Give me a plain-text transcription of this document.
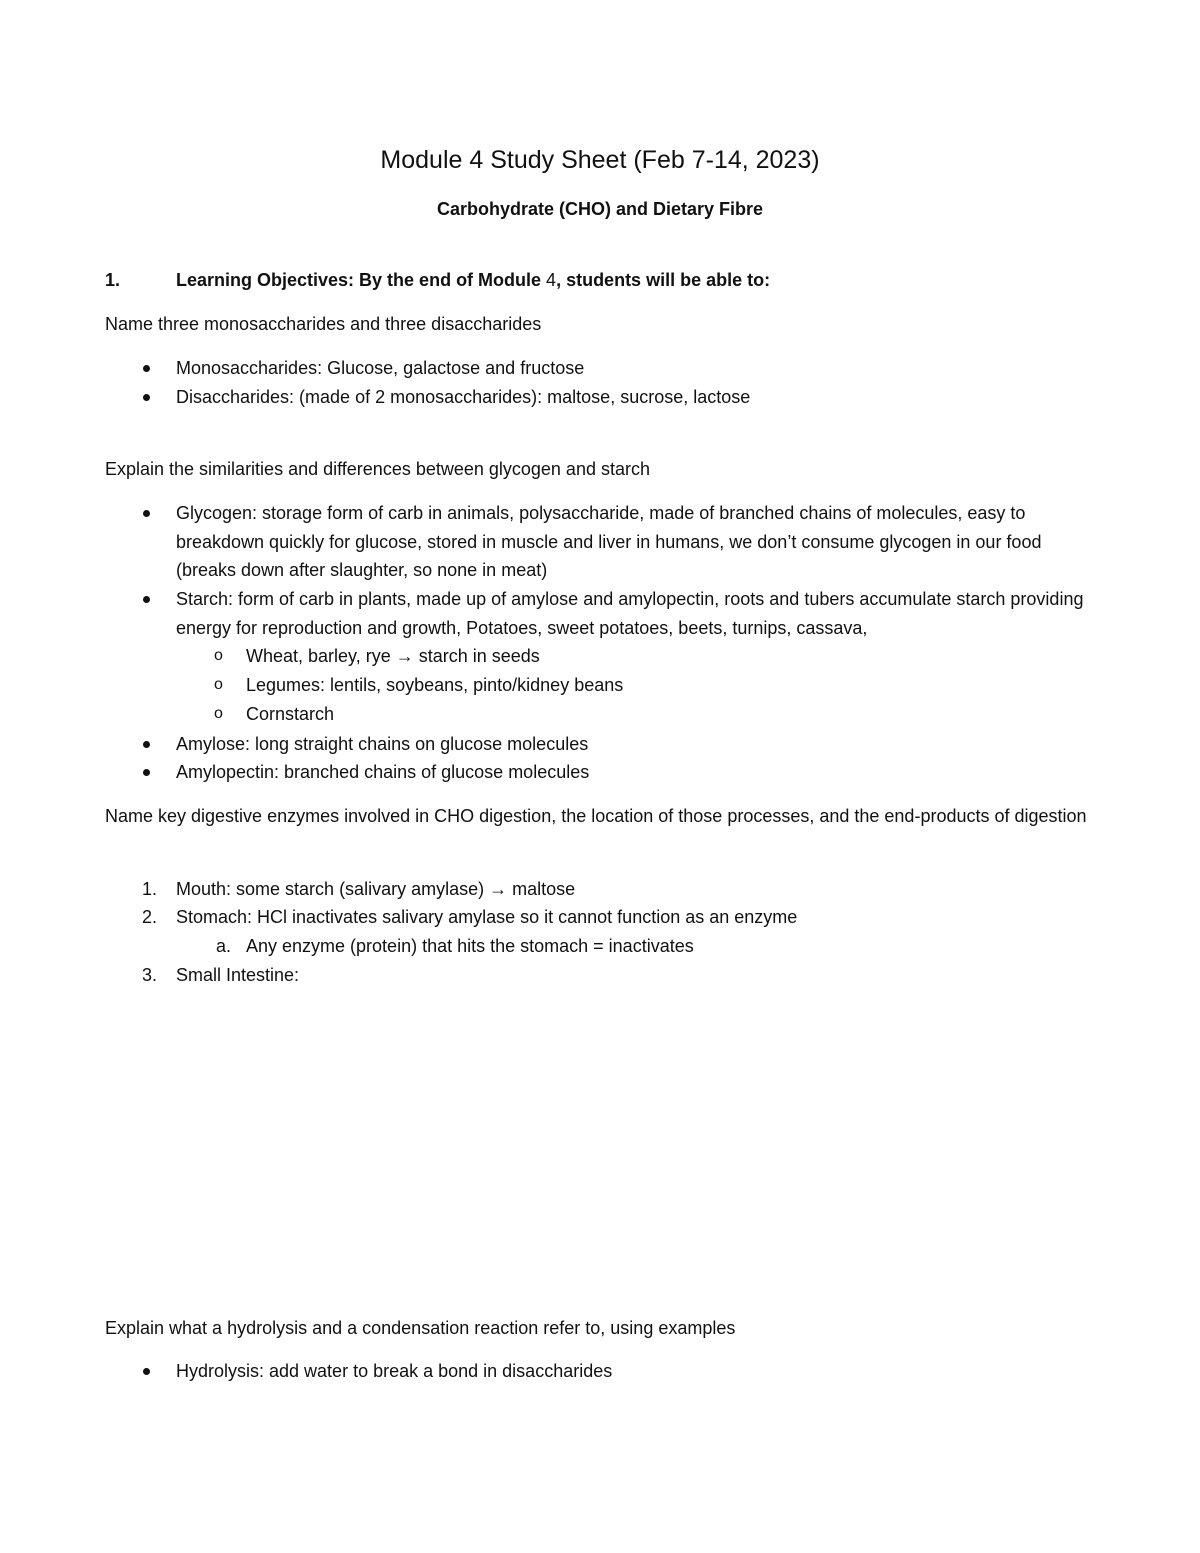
Module 4 Study Sheet (Feb 7-14, 2023)
Carbohydrate (CHO) and Dietary Fibre
1.	Learning Objectives: By the end of Module 4, students will be able to:

Name three monosaccharides and three disaccharides

Monosaccharides: Glucose, galactose and fructose
Disaccharides: (made of 2 monosaccharides): maltose, sucrose, lactose

Explain the similarities and differences between glycogen and starch

Glycogen: storage form of carb in animals, polysaccharide, made of branched chains of molecules, easy to breakdown quickly for glucose, stored in muscle and liver in humans, we don’t consume glycogen in our food (breaks down after slaughter, so none in meat)
Starch: form of carb in plants, made up of amylose and amylopectin, roots and tubers accumulate starch providing energy for reproduction and growth, Potatoes, sweet potatoes, beets, turnips, cassava,
o Wheat, barley, rye → starch in seeds
o Legumes: lentils, soybeans, pinto/kidney beans
o Cornstarch
Amylose: long straight chains on glucose molecules
Amylopectin: branched chains of glucose molecules

Name key digestive enzymes involved in CHO digestion, the location of those processes, and the end-products of digestion

1. Mouth: some starch (salivary amylase) → maltose
2. Stomach: HCl inactivates salivary amylase so it cannot function as an enzyme
a. Any enzyme (protein) that hits the stomach = inactivates
3. Small Intestine:

Explain what a hydrolysis and a condensation reaction refer to, using examples

Hydrolysis: add water to break a bond in disaccharides
